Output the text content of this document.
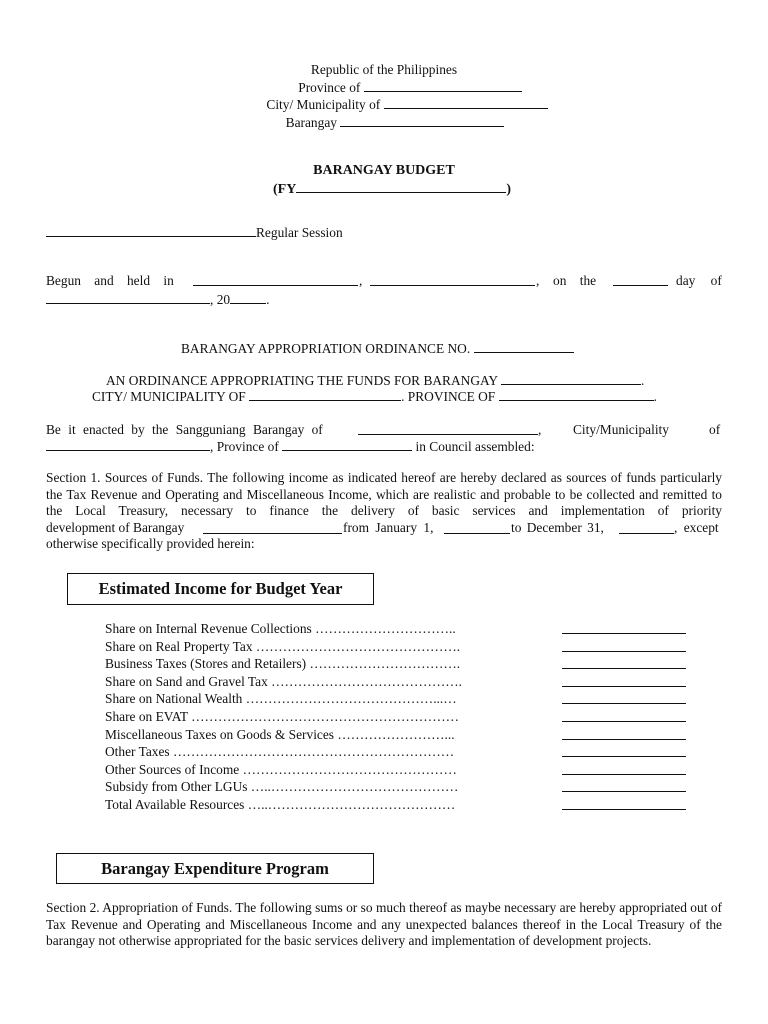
Republic of the Philippines
Province of
City/ Municipality of
Barangay
BARANGAY BUDGET
(FY	)
Regular Session
Begun and held in	,	, on the	day of
, 20	.
BARANGAY APPROPRIATION ORDINANCE NO.
AN ORDINANCE APPROPRIATING THE FUNDS FOR BARANGAY	.
CITY/ MUNICIPALITY OF	. PROVINCE OF	.
Be it enacted by the Sangguniang Barangay of	, City/Municipality	of
, Province of	in Council assembled:
Section 1. Sources of Funds. The following income as indicated hereof are hereby declared as sources of funds particularly the Tax Revenue and Operating and Miscellaneous Income, which are realistic and probable to be collected and remitted to the Local Treasury, necessary to finance the delivery of basic services and implementation of priority
development of Barangay	from January 1,	to December 31,	, except
otherwise specifically provided herein:
Estimated Income for Budget Year
Share on Internal Revenue Collections …………………………..
Share on Real Property Tax ……………………………………….
Business Taxes (Stores and Retailers) …………………………….
Share on Sand and Gravel Tax …………………………………….
Share on National Wealth ……………………………………...…
Share on EVAT ……………………………………………………
Miscellaneous Taxes on Goods & Services ……………………...
Other Taxes ………………………………………………………
Other Sources of Income …………………………………………
Subsidy from Other LGUs …..……………………………………
Total Available Resources …..……………………………………
Barangay Expenditure Program
Section 2. Appropriation of Funds. The following sums or so much thereof as maybe necessary are hereby appropriated out of Tax Revenue and Operating and Miscellaneous Income and any unexpected balances thereof in the Local Treasury of the barangay not otherwise appropriated for the basic services delivery and implementation of development projects.
